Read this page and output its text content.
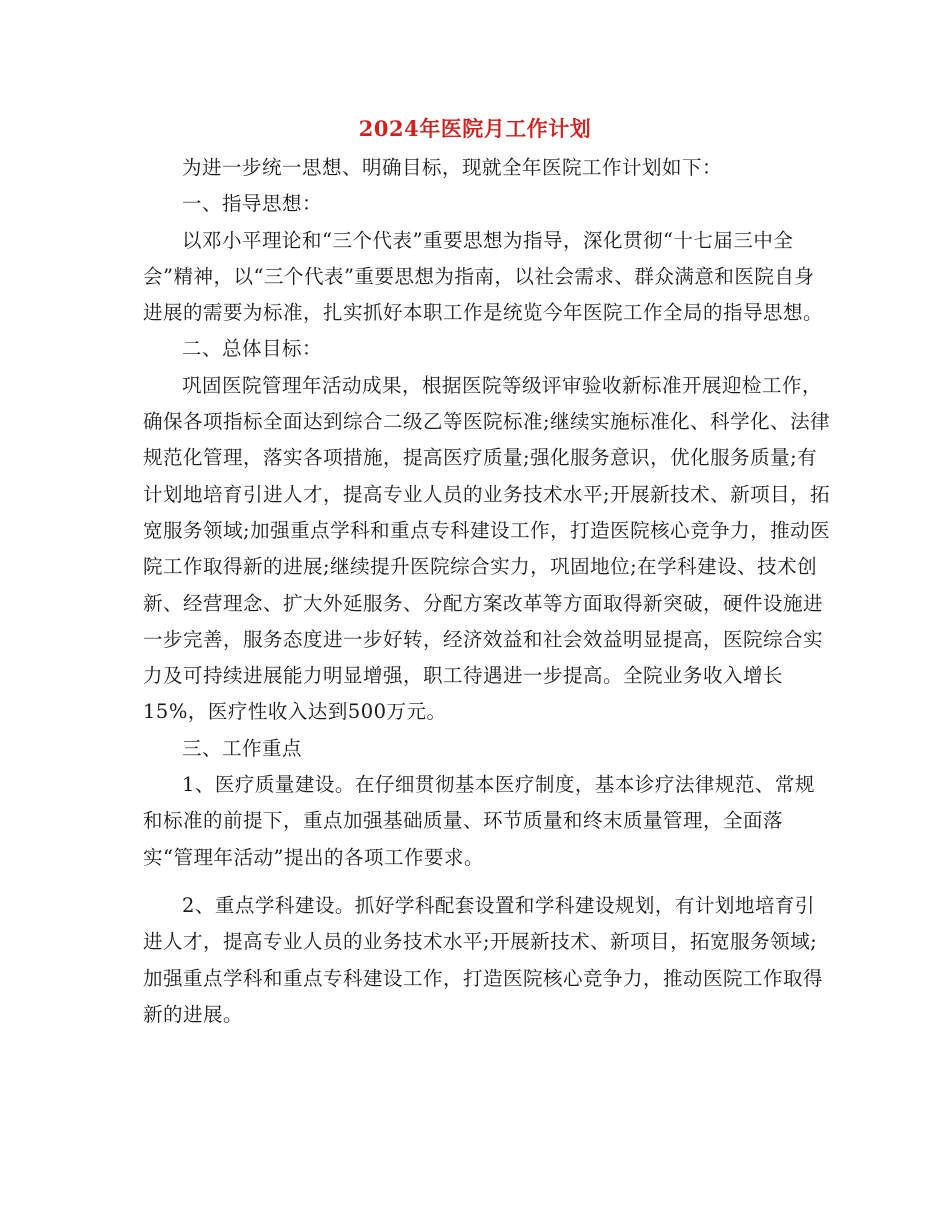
2024年医院月工作计划

为进一步统一思想、明确目标，现就全年医院工作计划如下：

一、指导思想：

以邓小平理论和“三个代表”重要思想为指导，深化贯彻“十七届三中全会”精神，以“三个代表”重要思想为指南，以社会需求、群众满意和医院自身进展的需要为标准，扎实抓好本职工作是统览今年医院工作全局的指导思想。

二、总体目标：

巩固医院管理年活动成果，根据医院等级评审验收新标准开展迎检工作，确保各项指标全面达到综合二级乙等医院标准;继续实施标准化、科学化、法律规范化管理，落实各项措施，提高医疗质量;强化服务意识，优化服务质量;有计划地培育引进人才，提高专业人员的业务技术水平;开展新技术、新项目，拓宽服务领域;加强重点学科和重点专科建设工作，打造医院核心竞争力，推动医院工作取得新的进展;继续提升医院综合实力，巩固地位;在学科建设、技术创新、经营理念、扩大外延服务、分配方案改革等方面取得新突破，硬件设施进一步完善，服务态度进一步好转，经济效益和社会效益明显提高，医院综合实力及可持续进展能力明显增强，职工待遇进一步提高。全院业务收入增长15%，医疗性收入达到500万元。

三、工作重点

1、医疗质量建设。在仔细贯彻基本医疗制度，基本诊疗法律规范、常规和标准的前提下，重点加强基础质量、环节质量和终末质量管理，全面落实“管理年活动”提出的各项工作要求。

2、重点学科建设。抓好学科配套设置和学科建设规划，有计划地培育引进人才，提高专业人员的业务技术水平;开展新技术、新项目，拓宽服务领域;加强重点学科和重点专科建设工作，打造医院核心竞争力，推动医院工作取得新的进展。
